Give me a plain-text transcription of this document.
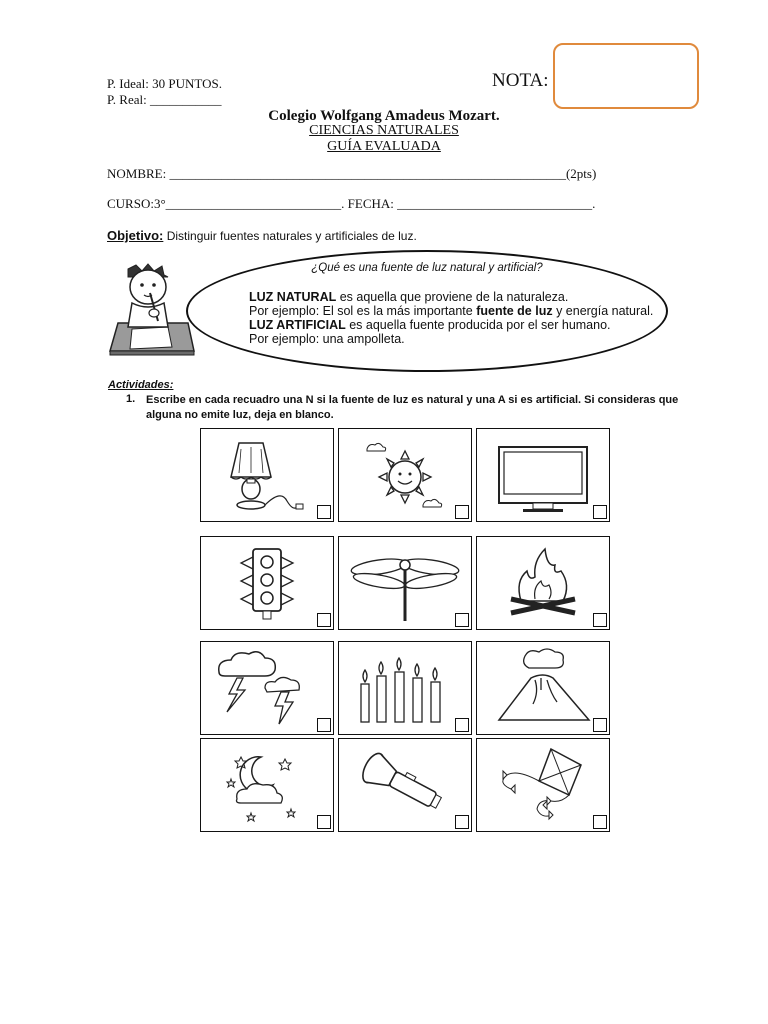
P. Ideal: 30 PUNTOS.
P. Real: ___________
NOTA:
Colegio Wolfgang Amadeus Mozart.
CIENCIAS NATURALES
GUÍA EVALUADA
NOMBRE: _____________________________________________________________(2pts)
CURSO:3°___________________________. FECHA: ______________________________.
Objetivo: Distinguir fuentes naturales y artificiales de luz.
¿Qué es una fuente de luz natural y artificial?
LUZ NATURAL es aquella que proviene de la naturaleza.
Por ejemplo: El sol es la más importante fuente de luz y energía natural.
LUZ ARTIFICIAL es aquella fuente producida por el ser humano.
Por ejemplo: una ampolleta.
Actividades:
1. Escribe en cada recuadro una N si la fuente de luz es natural y una A si es artificial. Si consideras que alguna no emite luz, deja en blanco.
